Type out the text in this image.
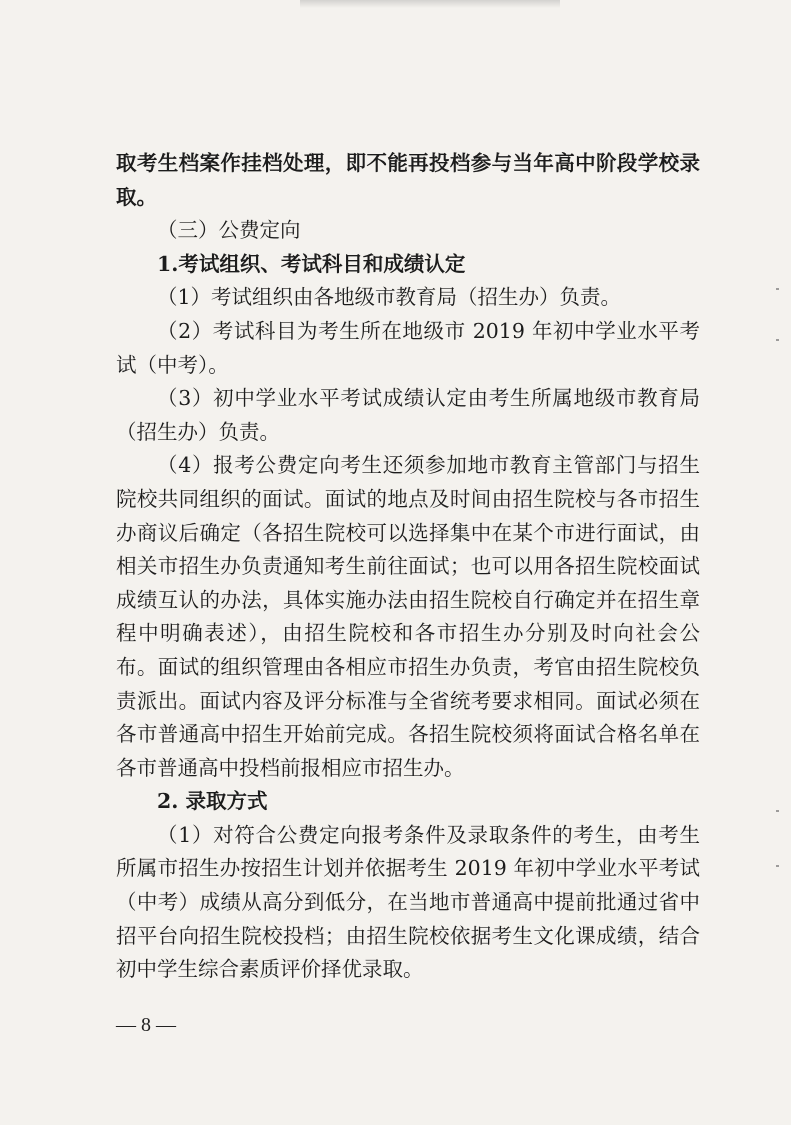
取考生档案作挂档处理，即不能再投档参与当年高中阶段学校录取。

（三）公费定向

1.考试组织、考试科目和成绩认定

（1）考试组织由各地级市教育局（招生办）负责。

（2）考试科目为考生所在地级市 2019 年初中学业水平考试（中考）。

（3）初中学业水平考试成绩认定由考生所属地级市教育局（招生办）负责。

（4）报考公费定向考生还须参加地市教育主管部门与招生院校共同组织的面试。面试的地点及时间由招生院校与各市招生办商议后确定（各招生院校可以选择集中在某个市进行面试，由相关市招生办负责通知考生前往面试；也可以用各招生院校面试成绩互认的办法，具体实施办法由招生院校自行确定并在招生章程中明确表述），由招生院校和各市招生办分别及时向社会公布。面试的组织管理由各相应市招生办负责，考官由招生院校负责派出。面试内容及评分标准与全省统考要求相同。面试必须在各市普通高中招生开始前完成。各招生院校须将面试合格名单在各市普通高中投档前报相应市招生办。

2. 录取方式

（1）对符合公费定向报考条件及录取条件的考生，由考生所属市招生办按招生计划并依据考生 2019 年初中学业水平考试（中考）成绩从高分到低分，在当地市普通高中提前批通过省中招平台向招生院校投档；由招生院校依据考生文化课成绩，结合初中学生综合素质评价择优录取。

— 8 —
